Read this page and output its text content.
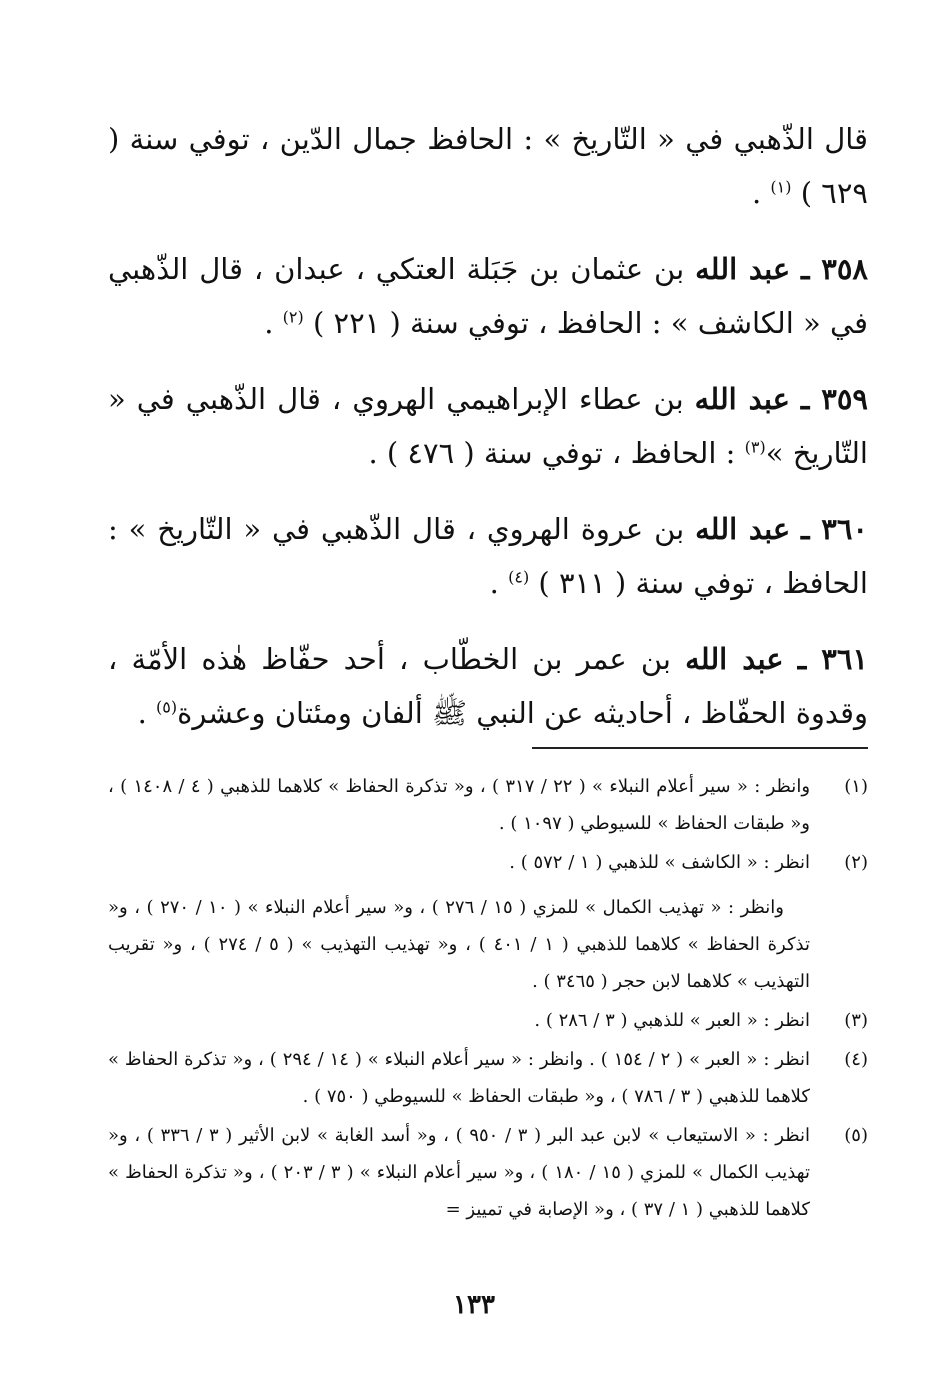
قال الذّهبي في « التّاريخ » : الحافظ جمال الدّين ، توفي سنة ( ٦٢٩ ) $^{(١)}$ .

٣٥٨ ـ عبد الله بن عثمان بن جَبَلة العتكي ، عبدان ، قال الذّهبي في « الكاشف » : الحافظ ، توفي سنة ( ٢٢١ ) $^{(٢)}$ .

٣٥٩ ـ عبد الله بن عطاء الإبراهيمي الهروي ، قال الذّهبي في « التّاريخ »$^{(٣)}$ : الحافظ ، توفي سنة ( ٤٧٦ ) .

٣٦٠ ـ عبد الله بن عروة الهروي ، قال الذّهبي في « التّاريخ » : الحافظ ، توفي سنة ( ٣١١ ) $^{(٤)}$ .

٣٦١ ـ عبد الله بن عمر بن الخطّاب ، أحد حفّاظ هٰذه الأمّة ، وقدوة الحفّاظ ، أحاديثه عن النبي ﷺ ألفان ومئتان وعشرة$^{(٥)}$ .

(١)
وانظر : « سير أعلام النبلاء » ( ٢٢ / ٣١٧ ) ، و« تذكرة الحفاظ » كلاهما للذهبي ( ٤ / ١٤٠٨ ) ، و« طبقات الحفاظ » للسيوطي ( ١٠٩٧ ) .
(٢)
انظر : « الكاشف » للذهبي ( ١ / ٥٧٢ ) .
وانظر : « تهذيب الكمال » للمزي ( ١٥ / ٢٧٦ ) ، و« سير أعلام النبلاء » ( ١٠ / ٢٧٠ ) ، و« تذكرة الحفاظ » كلاهما للذهبي ( ١ / ٤٠١ ) ، و« تهذيب التهذيب » ( ٥ / ٢٧٤ ) ، و« تقريب التهذيب » كلاهما لابن حجر ( ٣٤٦٥ ) .
(٣)
انظر : « العبر » للذهبي ( ٣ / ٢٨٦ ) .
(٤)
انظر : « العبر » ( ٢ / ١٥٤ ) . وانظر : « سير أعلام النبلاء » ( ١٤ / ٢٩٤ ) ، و« تذكرة الحفاظ » كلاهما للذهبي ( ٣ / ٧٨٦ ) ، و« طبقات الحفاظ » للسيوطي ( ٧٥٠ ) .
(٥)
انظر : « الاستيعاب » لابن عبد البر ( ٣ / ٩٥٠ ) ، و« أسد الغابة » لابن الأثير ( ٣ / ٣٣٦ ) ، و« تهذيب الكمال » للمزي ( ١٥ / ١٨٠ ) ، و« سير أعلام النبلاء » ( ٣ / ٢٠٣ ) ، و« تذكرة الحفاظ » كلاهما للذهبي ( ١ / ٣٧ ) ، و« الإصابة في تمييز =
١٣٣
